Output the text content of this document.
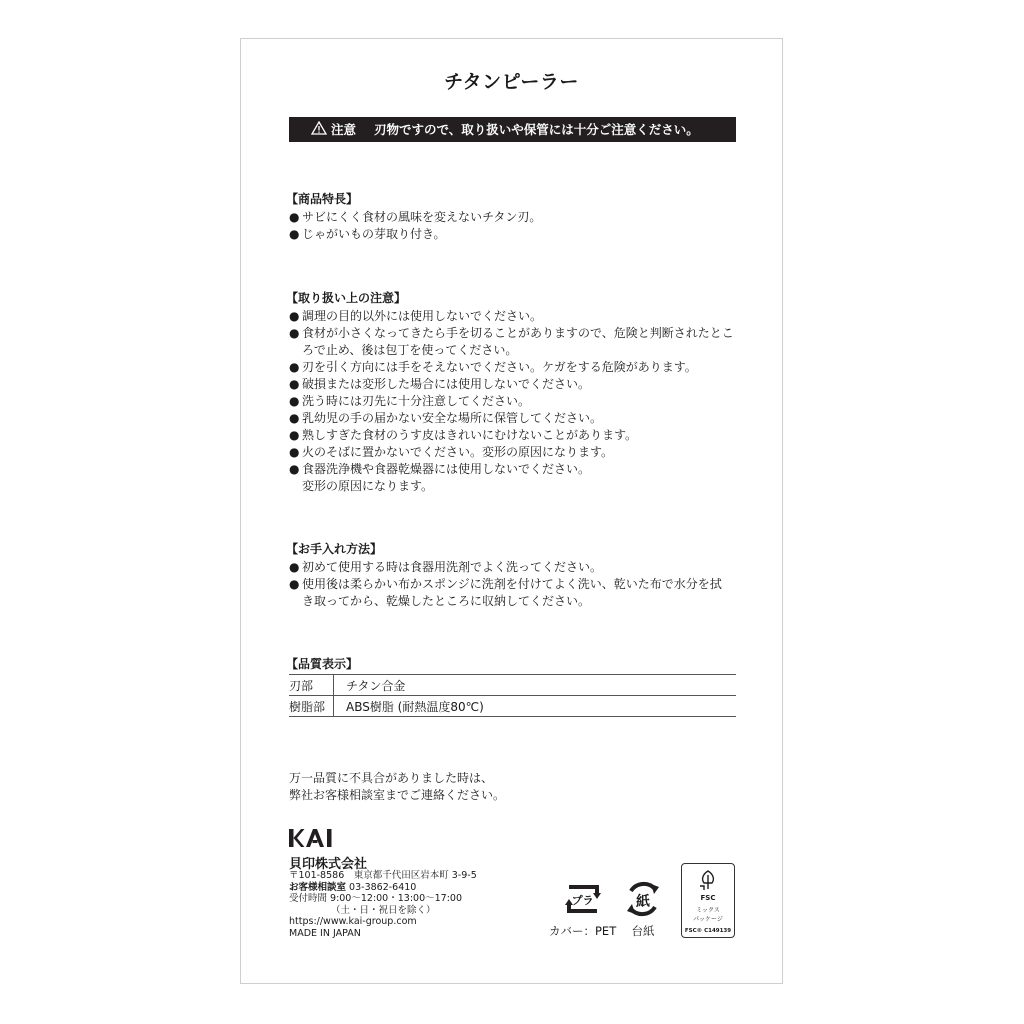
チタンピーラー
注意 刃物ですので、取り扱いや保管には十分ご注意ください。
【商品特長】
● サビにくく食材の風味を変えないチタン刃。
● じゃがいもの芽取り付き。
【取り扱い上の注意】
● 調理の目的以外には使用しないでください。
● 食材が小さくなってきたら手を切ることがありますので、危険と判断されたとこ
ろで止め、後は包丁を使ってください。
● 刃を引く方向には手をそえないでください。ケガをする危険があります。
● 破損または変形した場合には使用しないでください。
● 洗う時には刃先に十分注意してください。
● 乳幼児の手の届かない安全な場所に保管してください。
● 熟しすぎた食材のうす皮はきれいにむけないことがあります。
● 火のそばに置かないでください。変形の原因になります。
● 食器洗浄機や食器乾燥器には使用しないでください。
変形の原因になります。
【お手入れ方法】
● 初めて使用する時は食器用洗剤でよく洗ってください。
● 使用後は柔らかい布かスポンジに洗剤を付けてよく洗い、乾いた布で水分を拭
き取ってから、乾燥したところに収納してください。
【品質表示】
刃部	チタン合金
樹脂部	ABS樹脂 (耐熱温度80℃)
万一品質に不具合がありました時は、
弊社お客様相談室までご連絡ください。
貝印株式会社
〒101-8586　東京都千代田区岩本町 3-9-5
お客様相談室 03-3862-6410
受付時間 9:00〜12:00・13:00〜17:00
（土・日・祝日を除く）
https://www.kai-group.com
MADE IN JAPAN
プラ
カバー：PET
紙
台紙
FSC
ミックス
パッケージ
FSC® C149139
